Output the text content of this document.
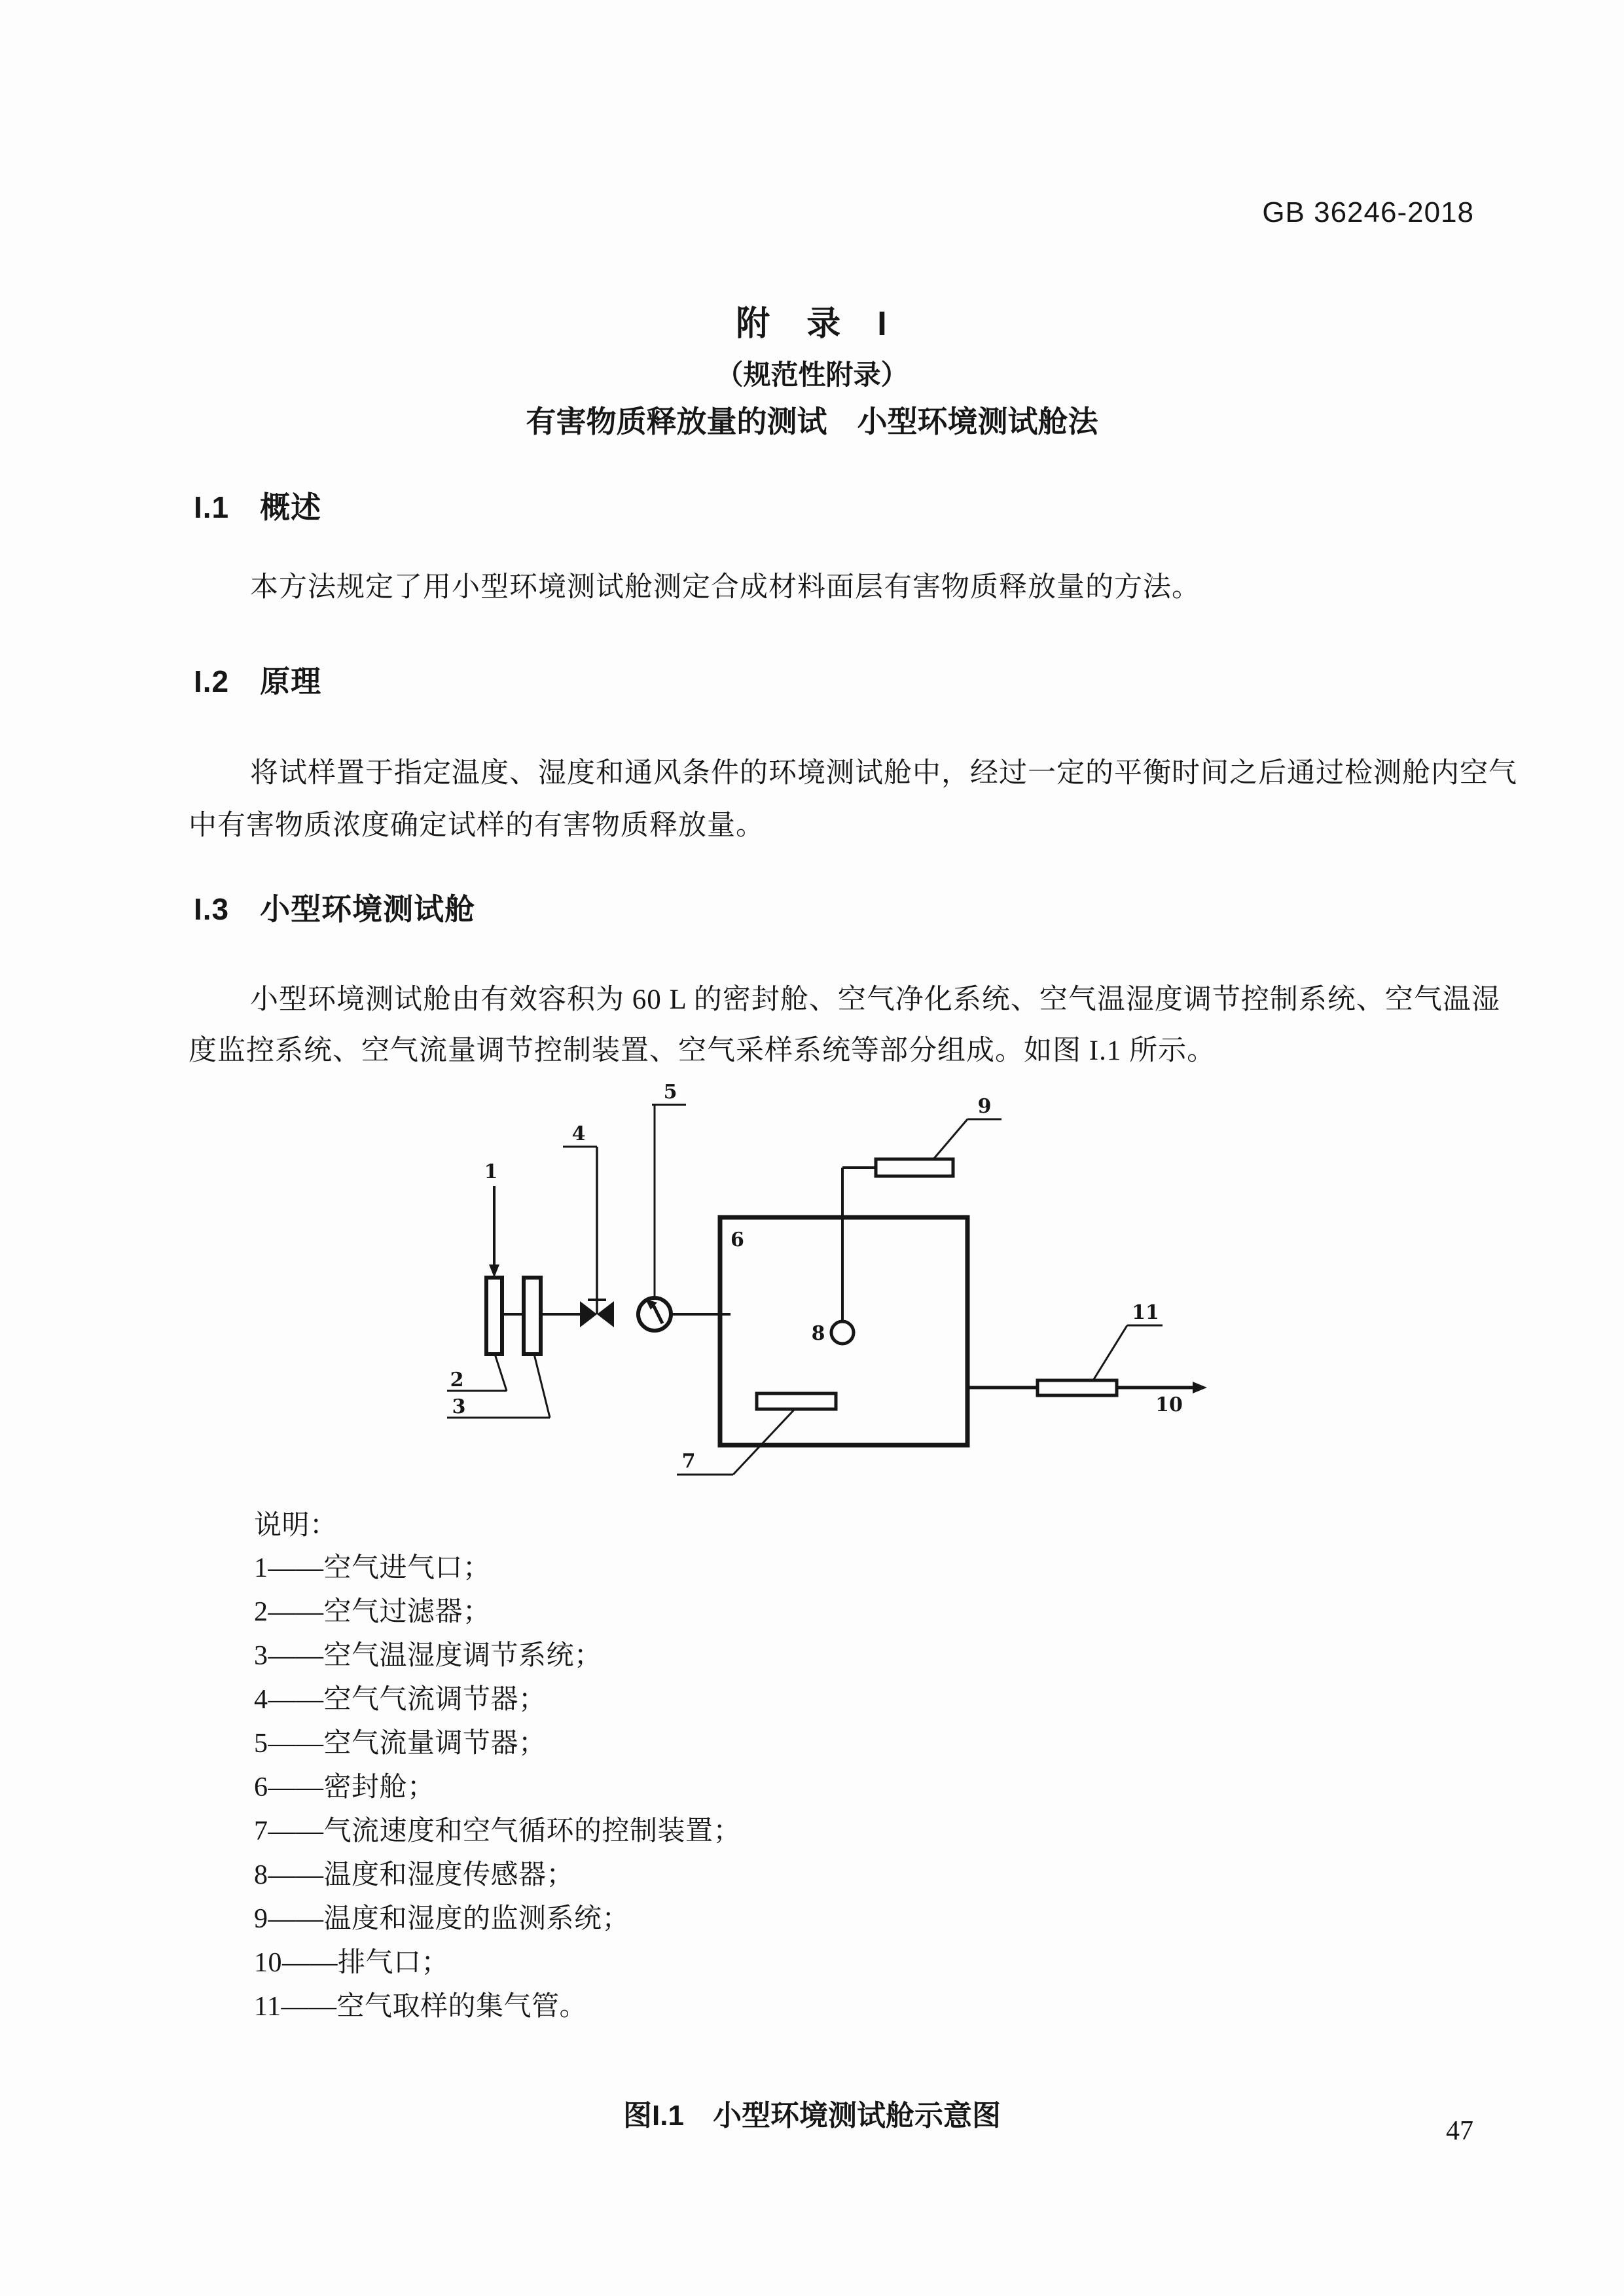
GB 36246-2018
附　录　I
（规范性附录）
有害物质释放量的测试　小型环境测试舱法
I.1　概述
本方法规定了用小型环境测试舱测定合成材料面层有害物质释放量的方法。
I.2　原理
将试样置于指定温度、湿度和通风条件的环境测试舱中，经过一定的平衡时间之后通过检测舱内空气
中有害物质浓度确定试样的有害物质释放量。
I.3　小型环境测试舱
小型环境测试舱由有效容积为 60 L 的密封舱、空气净化系统、空气温湿度调节控制系统、空气温湿
度监控系统、空气流量调节控制装置、空气采样系统等部分组成。如图 I.1 所示。
1
2
3
4
5
6
8
9
7
11
10
说明：
1——空气进气口；
2——空气过滤器；
3——空气温湿度调节系统；
4——空气气流调节器；
5——空气流量调节器；
6——密封舱；
7——气流速度和空气循环的控制装置；
8——温度和湿度传感器；
9——温度和湿度的监测系统；
10——排气口；
11——空气取样的集气管。
图I.1　小型环境测试舱示意图	47
